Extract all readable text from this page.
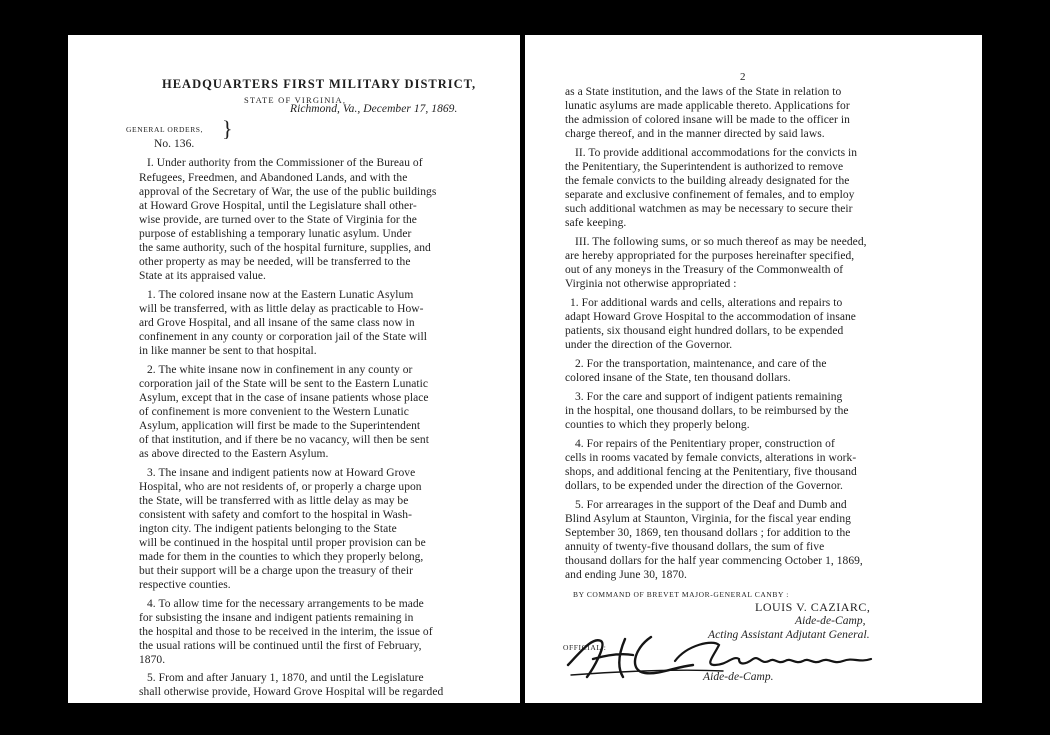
HEADQUARTERS FIRST MILITARY DISTRICT,
STATE OF VIRGINIA,
Richmond, Va., December 17, 1869.
GENERAL ORDERS,
No. 136.
}
I. Under authority from the Commissioner of the Bureau of
Refugees, Freedmen, and Abandoned Lands, and with the
approval of the Secretary of War, the use of the public buildings
at Howard Grove Hospital, until the Legislature shall other-
wise provide, are turned over to the State of Virginia for the
purpose of establishing a temporary lunatic asylum. Under
the same authority, such of the hospital furniture, supplies, and
other property as may be needed, will be transferred to the
State at its appraised value.
1. The colored insane now at the Eastern Lunatic Asylum
will be transferred, with as little delay as practicable to How-
ard Grove Hospital, and all insane of the same class now in
confinement in any county or corporation jail of the State will
in like manner be sent to that hospital.
2. The white insane now in confinement in any county or
corporation jail of the State will be sent to the Eastern Lunatic
Asylum, except that in the case of insane patients whose place
of confinement is more convenient to the Western Lunatic
Asylum, application will first be made to the Superintendent
of that institution, and if there be no vacancy, will then be sent
as above directed to the Eastern Asylum.
3. The insane and indigent patients now at Howard Grove
Hospital, who are not residents of, or properly a charge upon
the State, will be transferred with as little delay as may be
consistent with safety and comfort to the hospital in Wash-
ington city. The indigent patients belonging to the State
will be continued in the hospital until proper provision can be
made for them in the counties to which they properly belong,
but their support will be a charge upon the treasury of their
respective counties.
4. To allow time for the necessary arrangements to be made
for subsisting the insane and indigent patients remaining in
the hospital and those to be received in the interim, the issue of
the usual rations will be continued until the first of February,
1870.
5. From and after January 1, 1870, and until the Legislature
shall otherwise provide, Howard Grove Hospital will be regarded
2
as a State institution, and the laws of the State in relation to
lunatic asylums are made applicable thereto. Applications for
the admission of colored insane will be made to the officer in
charge thereof, and in the manner directed by said laws.
II. To provide additional accommodations for the convicts in
the Penitentiary, the Superintendent is authorized to remove
the female convicts to the building already designated for the
separate and exclusive confinement of females, and to employ
such additional watchmen as may be necessary to secure their
safe keeping.
III. The following sums, or so much thereof as may be needed,
are hereby appropriated for the purposes hereinafter specified,
out of any moneys in the Treasury of the Commonwealth of
Virginia not otherwise appropriated :
1. For additional wards and cells, alterations and repairs to
adapt Howard Grove Hospital to the accommodation of insane
patients, six thousand eight hundred dollars, to be expended
under the direction of the Governor.
2. For the transportation, maintenance, and care of the
colored insane of the State, ten thousand dollars.
3. For the care and support of indigent patients remaining
in the hospital, one thousand dollars, to be reimbursed by the
counties to which they properly belong.
4. For repairs of the Penitentiary proper, construction of
cells in rooms vacated by female convicts, alterations in work-
shops, and additional fencing at the Penitentiary, five thousand
dollars, to be expended under the direction of the Governor.
5. For arrearages in the support of the Deaf and Dumb and
Blind Asylum at Staunton, Virginia, for the fiscal year ending
September 30, 1869, ten thousand dollars ; for addition to the
annuity of twenty-five thousand dollars, the sum of five
thousand dollars for the half year commencing October 1, 1869,
and ending June 30, 1870.
BY COMMAND OF BREVET MAJOR-GENERAL CANBY :
LOUIS V. CAZIARC,
Aide-de-Camp,
Acting Assistant Adjutant General.
OFFICIAL :
Aide-de-Camp.
